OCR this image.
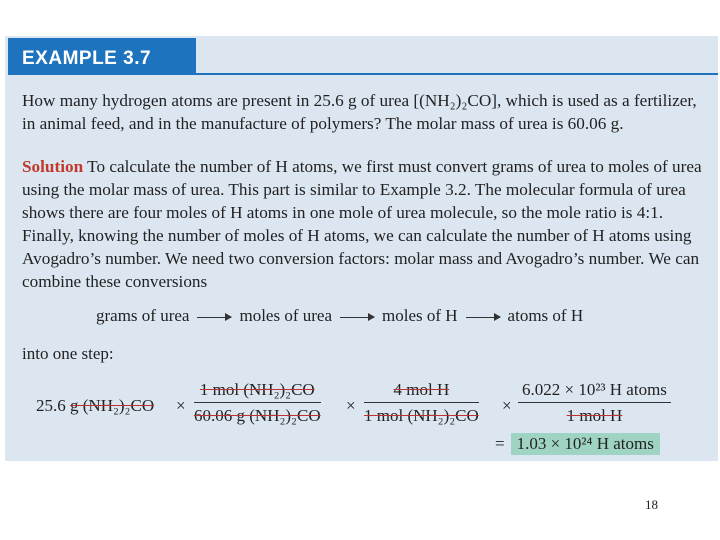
EXAMPLE 3.7
How many hydrogen atoms are present in 25.6 g of urea [(NH₂)₂CO], which is used as a fertilizer, in animal feed, and in the manufacture of polymers? The molar mass of urea is 60.06 g.
Solution To calculate the number of H atoms, we first must convert grams of urea to moles of urea using the molar mass of urea. This part is similar to Example 3.2. The molecular formula of urea shows there are four moles of H atoms in one mole of urea molecule, so the mole ratio is 4:1. Finally, knowing the number of moles of H atoms, we can calculate the number of H atoms using Avogadro’s number. We need two conversion factors: molar mass and Avogadro’s number. We can combine these conversions
grams of urea	moles of urea	moles of H	atoms of H
into one step:
25.6 g (NH₂)₂CO ×
1 mol (NH₂)₂CO
60.06 g (NH₂)₂CO
×
4 mol H
1 mol (NH₂)₂CO
×
6.022 × 10²³ H atoms
1 mol H
= 1.03 × 10²⁴ H atoms
18
